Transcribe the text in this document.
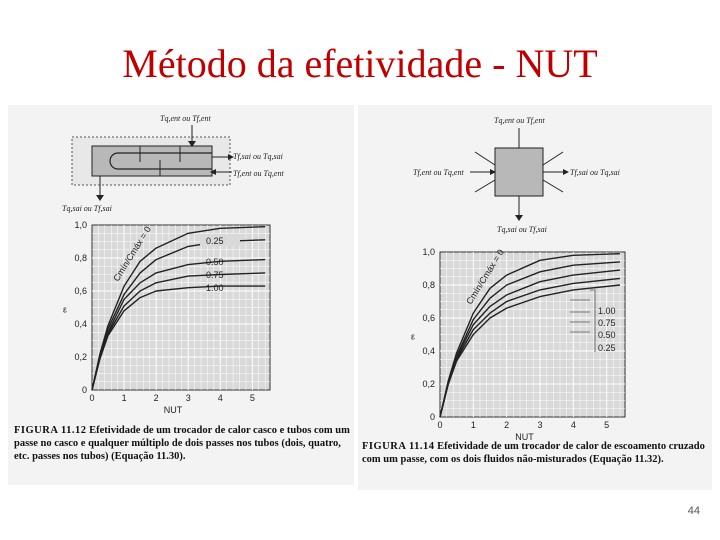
Método da efetividade - NUT
Tq,ent ou Tf,ent
Tf,sai ou Tq,sai
Tf,ent ou Tq,ent
Tq,sai ou Tf,sai
Tq,ent ou Tf,ent
Tf,ent ou Tq,ent	Tf,sai ou Tq,sai
Tq,sai ou Tf,sai
0	1	2	3	4	5
0
0,2
0,4
0,6
0,8
1,0
NUT
ε
0	1	2	3	4	5
0
0,2
0,4
0,6
0,8
1,0
NUT
ε
0.25
0.50
0.75
1.00
Cmín/Cmáx = 0
1.00
0.75
0.50
0.25
Cmín/Cmáx = 0
FIGURA 11.12 Efetividade de um trocador de calor casco e tubos com um passe no casco e qualquer múltiplo de dois passes nos tubos (dois, quatro, etc. passes nos tubos) (Equação 11.30).
FIGURA 11.14 Efetividade de um trocador de calor de escoamento cruzado com um passe, com os dois fluidos não-misturados (Equação 11.32).
44
